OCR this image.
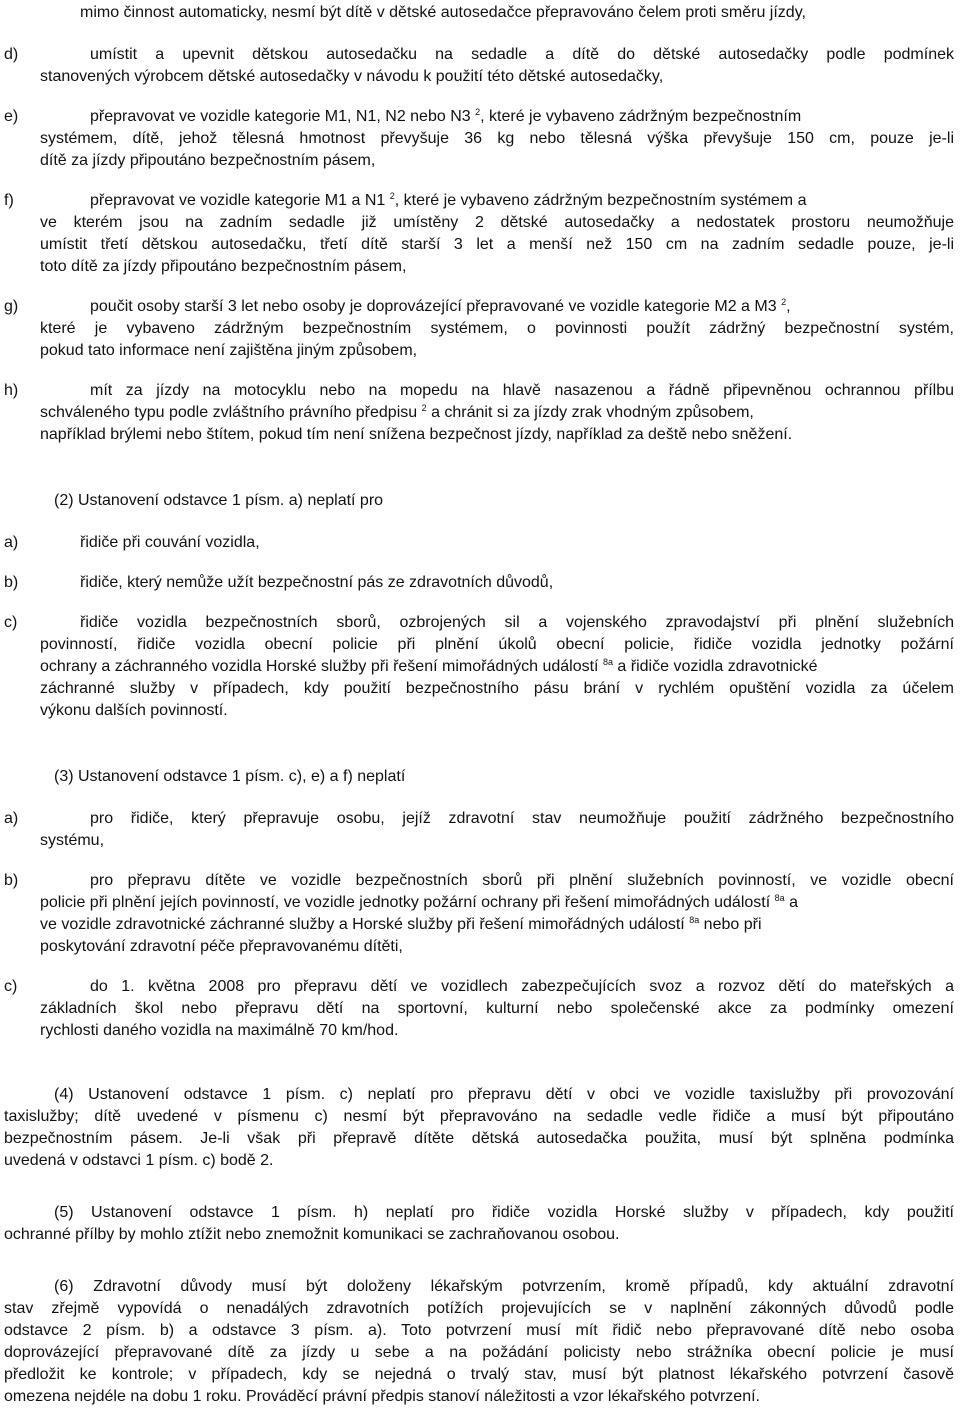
mimo činnost automaticky, nesmí být dítě v dětské autosedačce přepravováno čelem proti směru jízdy,
d)	umístit a upevnit dětskou autosedačku na sedadle a dítě do dětské autosedačky podle podmínek
stanovených výrobcem dětské autosedačky v návodu k použití této dětské autosedačky,
e)	přepravovat ve vozidle kategorie M1, N1, N2 nebo N3 $^2$, které je vybaveno zádržným bezpečnostním
systémem, dítě, jehož tělesná hmotnost převyšuje 36 kg nebo tělesná výška převyšuje 150 cm, pouze je-li
dítě za jízdy připoutáno bezpečnostním pásem,
f)	přepravovat ve vozidle kategorie M1 a N1 $^2$, které je vybaveno zádržným bezpečnostním systémem a
ve kterém jsou na zadním sedadle již umístěny 2 dětské autosedačky a nedostatek prostoru neumožňuje
umístit třetí dětskou autosedačku, třetí dítě starší 3 let a menší než 150 cm na zadním sedadle pouze, je-li
toto dítě za jízdy připoutáno bezpečnostním pásem,
g)	poučit osoby starší 3 let nebo osoby je doprovázející přepravované ve vozidle kategorie M2 a M3 $^2$,
které je vybaveno zádržným bezpečnostním systémem, o povinnosti použít zádržný bezpečnostní systém,
pokud tato informace není zajištěna jiným způsobem,
h)	mít za jízdy na motocyklu nebo na mopedu na hlavě nasazenou a řádně připevněnou ochrannou přílbu
schváleného typu podle zvláštního právního předpisu $^2$ a chránit si za jízdy zrak vhodným způsobem,
například brýlemi nebo štítem, pokud tím není snížena bezpečnost jízdy, například za deště nebo sněžení.
(2) Ustanovení odstavce 1 písm. a) neplatí pro
a)	řidiče při couvání vozidla,
b)	řidiče, který nemůže užít bezpečnostní pás ze zdravotních důvodů,
c)	řidiče vozidla bezpečnostních sborů, ozbrojených sil a vojenského zpravodajství při plnění služebních
povinností, řidiče vozidla obecní policie při plnění úkolů obecní policie, řidiče vozidla jednotky požární
ochrany a záchranného vozidla Horské služby při řešení mimořádných událostí $^{8a}$ a řidiče vozidla zdravotnické
záchranné služby v případech, kdy použití bezpečnostního pásu brání v rychlém opuštění vozidla za účelem
výkonu dalších povinností.
(3) Ustanovení odstavce 1 písm. c), e) a f) neplatí
a)	pro řidiče, který přepravuje osobu, jejíž zdravotní stav neumožňuje použití zádržného bezpečnostního
systému,
b)	pro přepravu dítěte ve vozidle bezpečnostních sborů při plnění služebních povinností, ve vozidle obecní
policie při plnění jejích povinností, ve vozidle jednotky požární ochrany při řešení mimořádných událostí $^{8a}$ a
ve vozidle zdravotnické záchranné služby a Horské služby při řešení mimořádných událostí $^{8a}$ nebo při
poskytování zdravotní péče přepravovanému dítěti,
c)	do 1. května 2008 pro přepravu dětí ve vozidlech zabezpečujících svoz a rozvoz dětí do mateřských a
základních škol nebo přepravu dětí na sportovní, kulturní nebo společenské akce za podmínky omezení
rychlosti daného vozidla na maximálně 70 km/hod.
(4) Ustanovení odstavce 1 písm. c) neplatí pro přepravu dětí v obci ve vozidle taxislužby při provozování
taxislužby; dítě uvedené v písmenu c) nesmí být přepravováno na sedadle vedle řidiče a musí být připoutáno
bezpečnostním pásem. Je-li však při přepravě dítěte dětská autosedačka použita, musí být splněna podmínka
uvedená v odstavci 1 písm. c) bodě 2.
(5) Ustanovení odstavce 1 písm. h) neplatí pro řidiče vozidla Horské služby v případech, kdy použití
ochranné přílby by mohlo ztížit nebo znemožnit komunikaci se zachraňovanou osobou.
(6) Zdravotní důvody musí být doloženy lékařským potvrzením, kromě případů, kdy aktuální zdravotní
stav zřejmě vypovídá o nenadálých zdravotních potížích projevujících se v naplnění zákonných důvodů podle
odstavce 2 písm. b) a odstavce 3 písm. a). Toto potvrzení musí mít řidič nebo přepravované dítě nebo osoba
doprovázející přepravované dítě za jízdy u sebe a na požádání policisty nebo strážníka obecní policie je musí
předložit ke kontrole; v případech, kdy se nejedná o trvalý stav, musí být platnost lékařského potvrzení časově
omezena nejdéle na dobu 1 roku. Prováděcí právní předpis stanoví náležitosti a vzor lékařského potvrzení.
